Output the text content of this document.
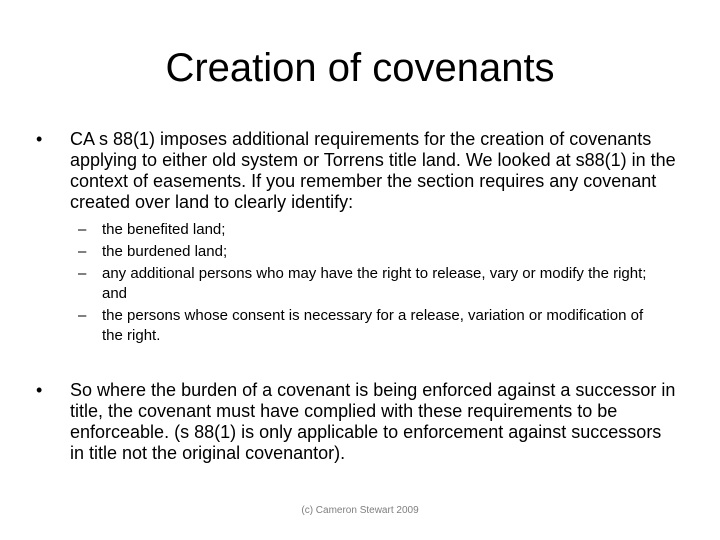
Creation of covenants
•	CA s 88(1) imposes additional requirements for the creation of covenants applying to either old system or Torrens title land. We looked at s88(1) in the context of easements. If you remember the section requires any covenant created over land to clearly identify:
– the benefited land;
– the burdened land;
– any additional persons who may have the right to release, vary or modify the right; and
– the persons whose consent is necessary for a release, variation or modification of the right.
•	So where the burden of a covenant is being enforced against a successor in title, the covenant must have complied with these requirements to be enforceable. (s 88(1) is only applicable to enforcement against successors in title not the original covenantor).
(c) Cameron Stewart 2009
